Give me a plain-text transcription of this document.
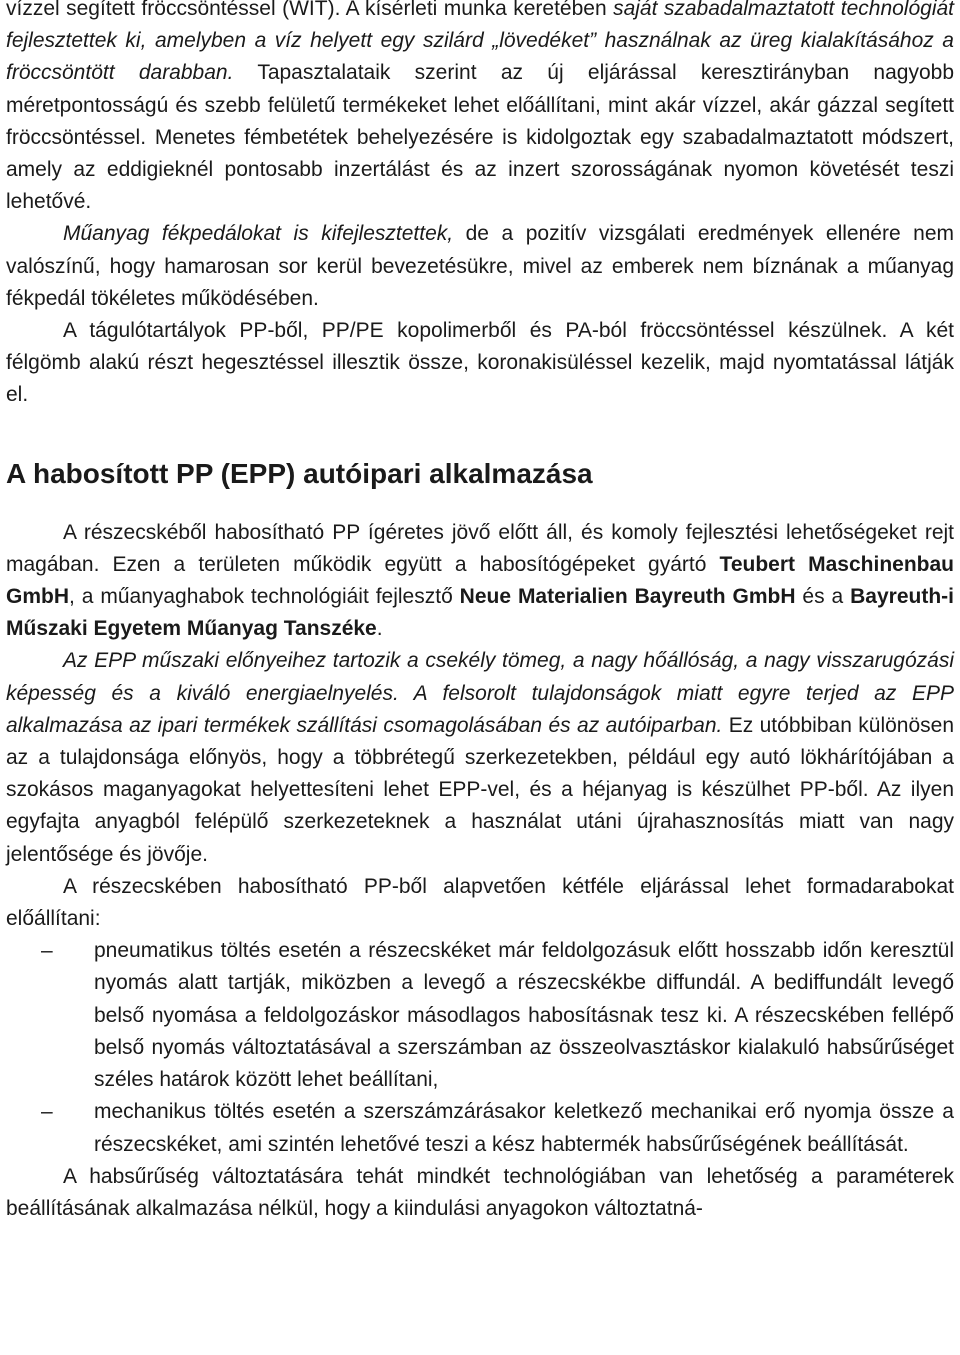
vízzel segített fröccsöntéssel (WIT). A kísérleti munka keretében saját szabadalmaztatott technológiát fejlesztettek ki, amelyben a víz helyett egy szilárd „lövedéket” használnak az üreg kialakításához a fröccsöntött darabban. Tapasztalataik szerint az új eljárással keresztirányban nagyobb méretpontosságú és szebb felületű termékeket lehet előállítani, mint akár vízzel, akár gázzal segített fröccsöntéssel. Menetes fémbetétek behelyezésére is kidolgoztak egy szabadalmaztatott módszert, amely az eddigieknél pontosabb inzertálást és az inzert szorosságának nyomon követését teszi lehetővé.

Műanyag fékpedálokat is kifejlesztettek, de a pozitív vizsgálati eredmények ellenére nem valószínű, hogy hamarosan sor kerül bevezetésükre, mivel az emberek nem bíznának a műanyag fékpedál tökéletes működésében.

A tágulótartályok PP-ből, PP/PE kopolimerből és PA-ból fröccsöntéssel készülnek. A két félgömb alakú részt hegesztéssel illesztik össze, koronakisüléssel kezelik, majd nyomtatással látják el.

A habosított PP (EPP) autóipari alkalmazása

A részecskéből habosítható PP ígéretes jövő előtt áll, és komoly fejlesztési lehetőségeket rejt magában. Ezen a területen működik együtt a habosítógépeket gyártó Teubert Maschinenbau GmbH, a műanyaghabok technológiáit fejlesztő Neue Materialien Bayreuth GmbH és a Bayreuth-i Műszaki Egyetem Műanyag Tanszéke.

Az EPP műszaki előnyeihez tartozik a csekély tömeg, a nagy hőállóság, a nagy visszarugózási képesség és a kiváló energiaelnyelés. A felsorolt tulajdonságok miatt egyre terjed az EPP alkalmazása az ipari termékek szállítási csomagolásában és az autóiparban. Ez utóbbiban különösen az a tulajdonsága előnyös, hogy a többrétegű szerkezetekben, például egy autó lökhárítójában a szokásos maganyagokat helyettesíteni lehet EPP-vel, és a héjanyag is készülhet PP-ből. Az ilyen egyfajta anyagból felépülő szerkezeteknek a használat utáni újrahasznosítás miatt van nagy jelentősége és jövője.

A részecskében habosítható PP-ből alapvetően kétféle eljárással lehet formadarabokat előállítani:

– pneumatikus töltés esetén a részecskéket már feldolgozásuk előtt hosszabb időn keresztül nyomás alatt tartják, miközben a levegő a részecskékbe diffundál. A bediffundált levegő belső nyomása a feldolgozáskor másodlagos habosításnak tesz ki. A részecskében fellépő belső nyomás változtatásával a szerszámban az összeolvasztáskor kialakuló habsűrűséget széles határok között lehet beállítani,
– mechanikus töltés esetén a szerszámzárásakor keletkező mechanikai erő nyomja össze a részecskéket, ami szintén lehetővé teszi a kész habtermék habsűrűségének beállítását.

A habsűrűség változtatására tehát mindkét technológiában van lehetőség a paraméterek beállításának alkalmazása nélkül, hogy a kiindulási anyagokon változtatná-
